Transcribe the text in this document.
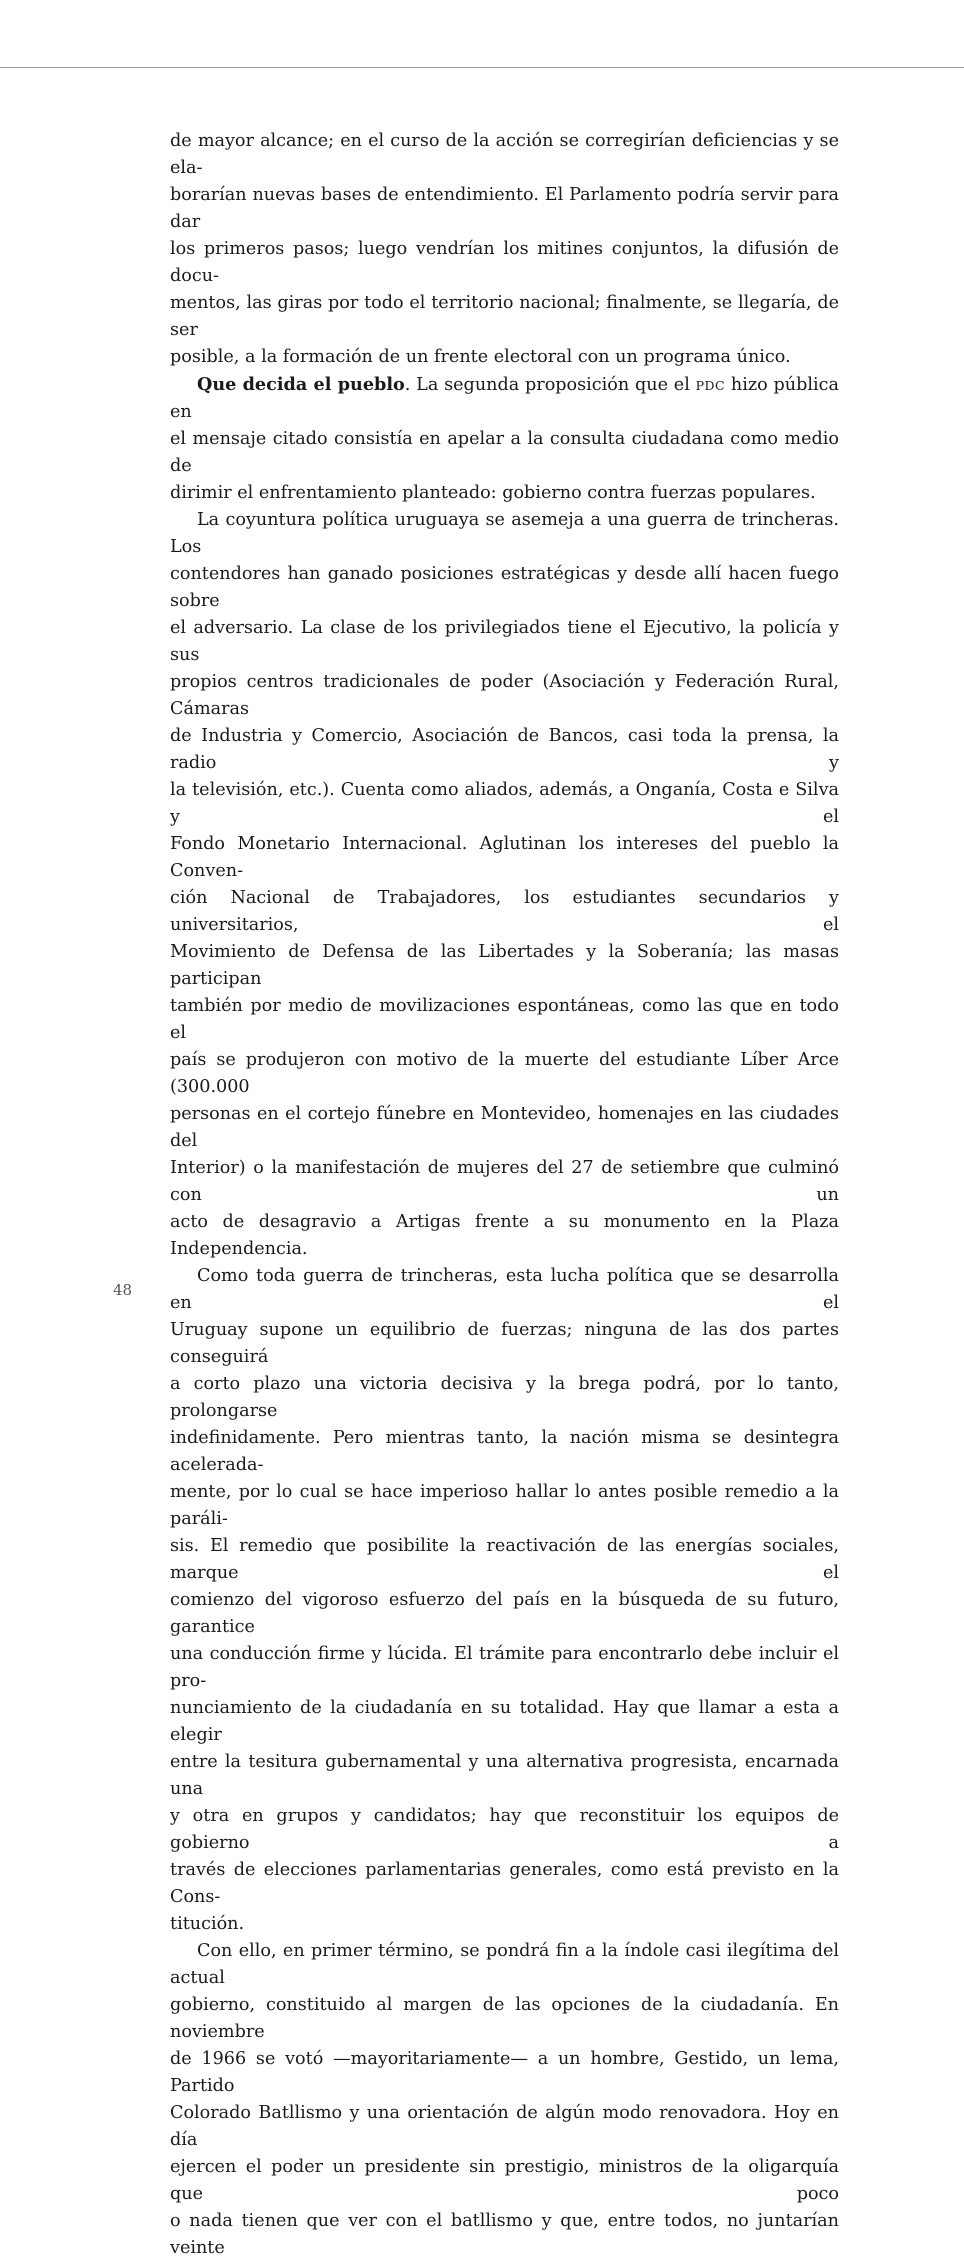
de mayor alcance; en el curso de la acción se corregirían deficiencias y se ela-

borarían nuevas bases de entendimiento. El Parlamento podría servir para dar

los primeros pasos; luego vendrían los mitines conjuntos, la difusión de docu-

mentos, las giras por todo el territorio nacional; finalmente, se llegaría, de ser

posible, a la formación de un frente electoral con un programa único.

Que decida el pueblo. La segunda proposición que el PDC hizo pública en

el mensaje citado consistía en apelar a la consulta ciudadana como medio de

dirimir el enfrentamiento planteado: gobierno contra fuerzas populares.

La coyuntura política uruguaya se asemeja a una guerra de trincheras. Los

contendores han ganado posiciones estratégicas y desde allí hacen fuego sobre

el adversario. La clase de los privilegiados tiene el Ejecutivo, la policía y sus

propios centros tradicionales de poder (Asociación y Federación Rural, Cámaras

de Industria y Comercio, Asociación de Bancos, casi toda la prensa, la radio y

la televisión, etc.). Cuenta como aliados, además, a Onganía, Costa e Silva y el

Fondo Monetario Internacional. Aglutinan los intereses del pueblo la Conven-

ción Nacional de Trabajadores, los estudiantes secundarios y universitarios, el

Movimiento de Defensa de las Libertades y la Soberanía; las masas participan

también por medio de movilizaciones espontáneas, como las que en todo el

país se produjeron con motivo de la muerte del estudiante Líber Arce (300.000

personas en el cortejo fúnebre en Montevideo, homenajes en las ciudades del

Interior) o la manifestación de mujeres del 27 de setiembre que culminó con un

acto de desagravio a Artigas frente a su monumento en la Plaza Independencia.

Como toda guerra de trincheras, esta lucha política que se desarrolla en el

Uruguay supone un equilibrio de fuerzas; ninguna de las dos partes conseguirá

a corto plazo una victoria decisiva y la brega podrá, por lo tanto, prolongarse

indefinidamente. Pero mientras tanto, la nación misma se desintegra acelerada-

mente, por lo cual se hace imperioso hallar lo antes posible remedio a la paráli-

sis. El remedio que posibilite la reactivación de las energías sociales, marque el

comienzo del vigoroso esfuerzo del país en la búsqueda de su futuro, garantice

una conducción firme y lúcida. El trámite para encontrarlo debe incluir el pro-

nunciamiento de la ciudadanía en su totalidad. Hay que llamar a esta a elegir

entre la tesitura gubernamental y una alternativa progresista, encarnada una

y otra en grupos y candidatos; hay que reconstituir los equipos de gobierno a

través de elecciones parlamentarias generales, como está previsto en la Cons-

titución.

Con ello, en primer término, se pondrá fin a la índole casi ilegítima del actual

gobierno, constituido al margen de las opciones de la ciudadanía. En noviembre

de 1966 se votó —mayoritariamente— a un hombre, Gestido, un lema, Partido

Colorado Batllismo y una orientación de algún modo renovadora. Hoy en día

ejercen el poder un presidente sin prestigio, ministros de la oligarquía que poco

o nada tienen que ver con el batllismo y que, entre todos, no juntarían veinte

48
